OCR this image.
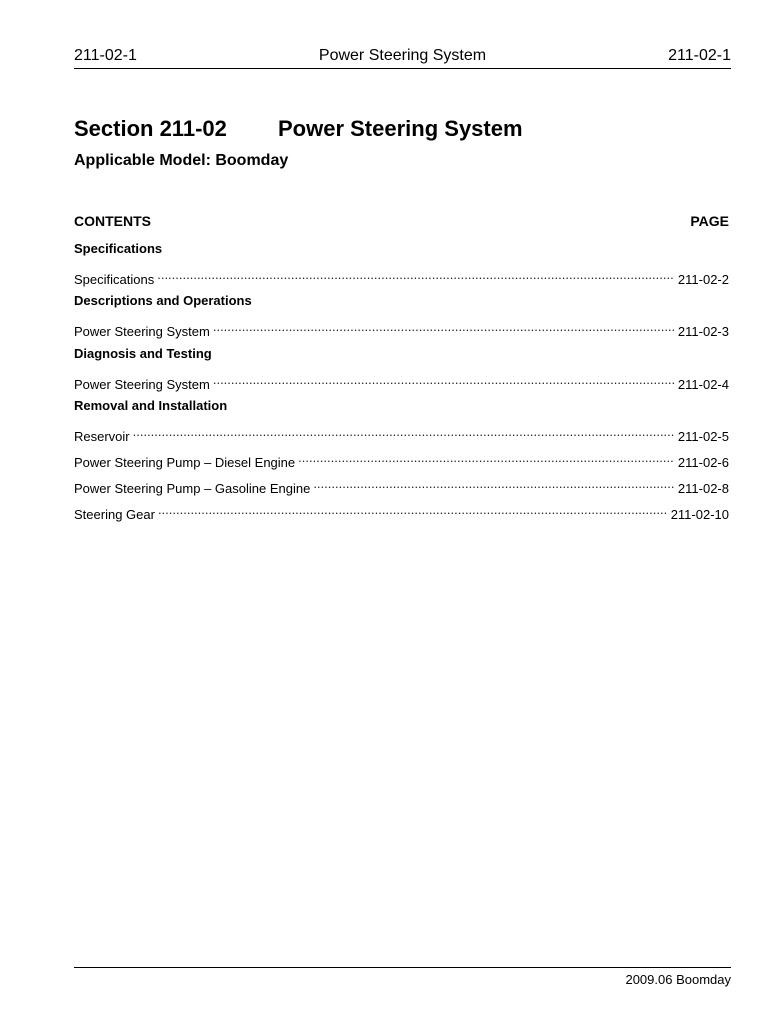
211-02-1	Power Steering System	211-02-1
Section 211-02 Power Steering System
Applicable Model: Boomday
CONTENTS	PAGE
Specifications
Specifications .....	211-02-2
Descriptions and Operations
Power Steering System .....	211-02-3
Diagnosis and Testing
Power Steering System .....	211-02-4
Removal and Installation
Reservoir .....	211-02-5
Power Steering Pump – Diesel Engine .....	211-02-6
Power Steering Pump – Gasoline Engine .....	211-02-8
Steering Gear .....	211-02-10
2009.06 Boomday
